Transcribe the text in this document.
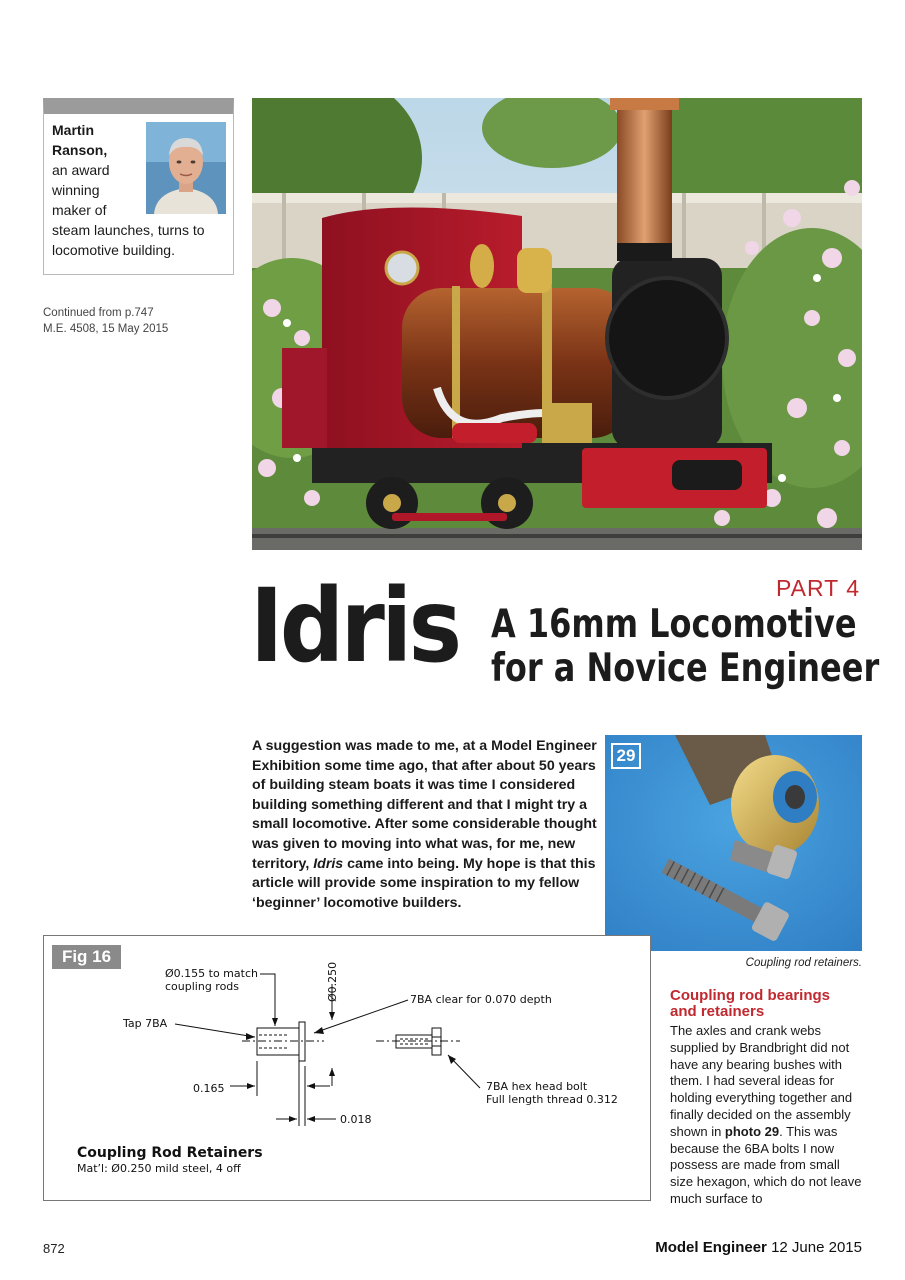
Martin Ranson,
an award winning maker of
steam launches, turns to locomotive building.
Continued from p.747
M.E. 4508, 15 May 2015
PART 4
Idris A 16mm Locomotive
for a Novice Engineer
A suggestion was made to me, at a Model Engineer Exhibition some time ago, that after about 50 years of building steam boats it was time I considered building something different and that I might try a small locomotive. After some considerable thought was given to moving into what was, for me, new territory, Idris came into being. My hope is that this article will provide some inspiration to my fellow ‘beginner’ locomotive builders.
29
Coupling rod retainers.
Fig 16
Ø0.155 to match coupling rods	Ø0.250	7BA clear for 0.070 depth
Tap 7BA
0.165	7BA hex head bolt Full length thread 0.312
0.018
Coupling Rod Retainers
Mat’l: Ø0.250 mild steel, 4 off
Coupling rod bearings and retainers
The axles and crank webs supplied by Brandbright did not have any bearing bushes with them. I had several ideas for holding everything together and finally decided on the assembly shown in photo 29. This was because the 6BA bolts I now possess are made from small size hexagon, which do not leave much surface to
872	Model Engineer 12 June 2015
